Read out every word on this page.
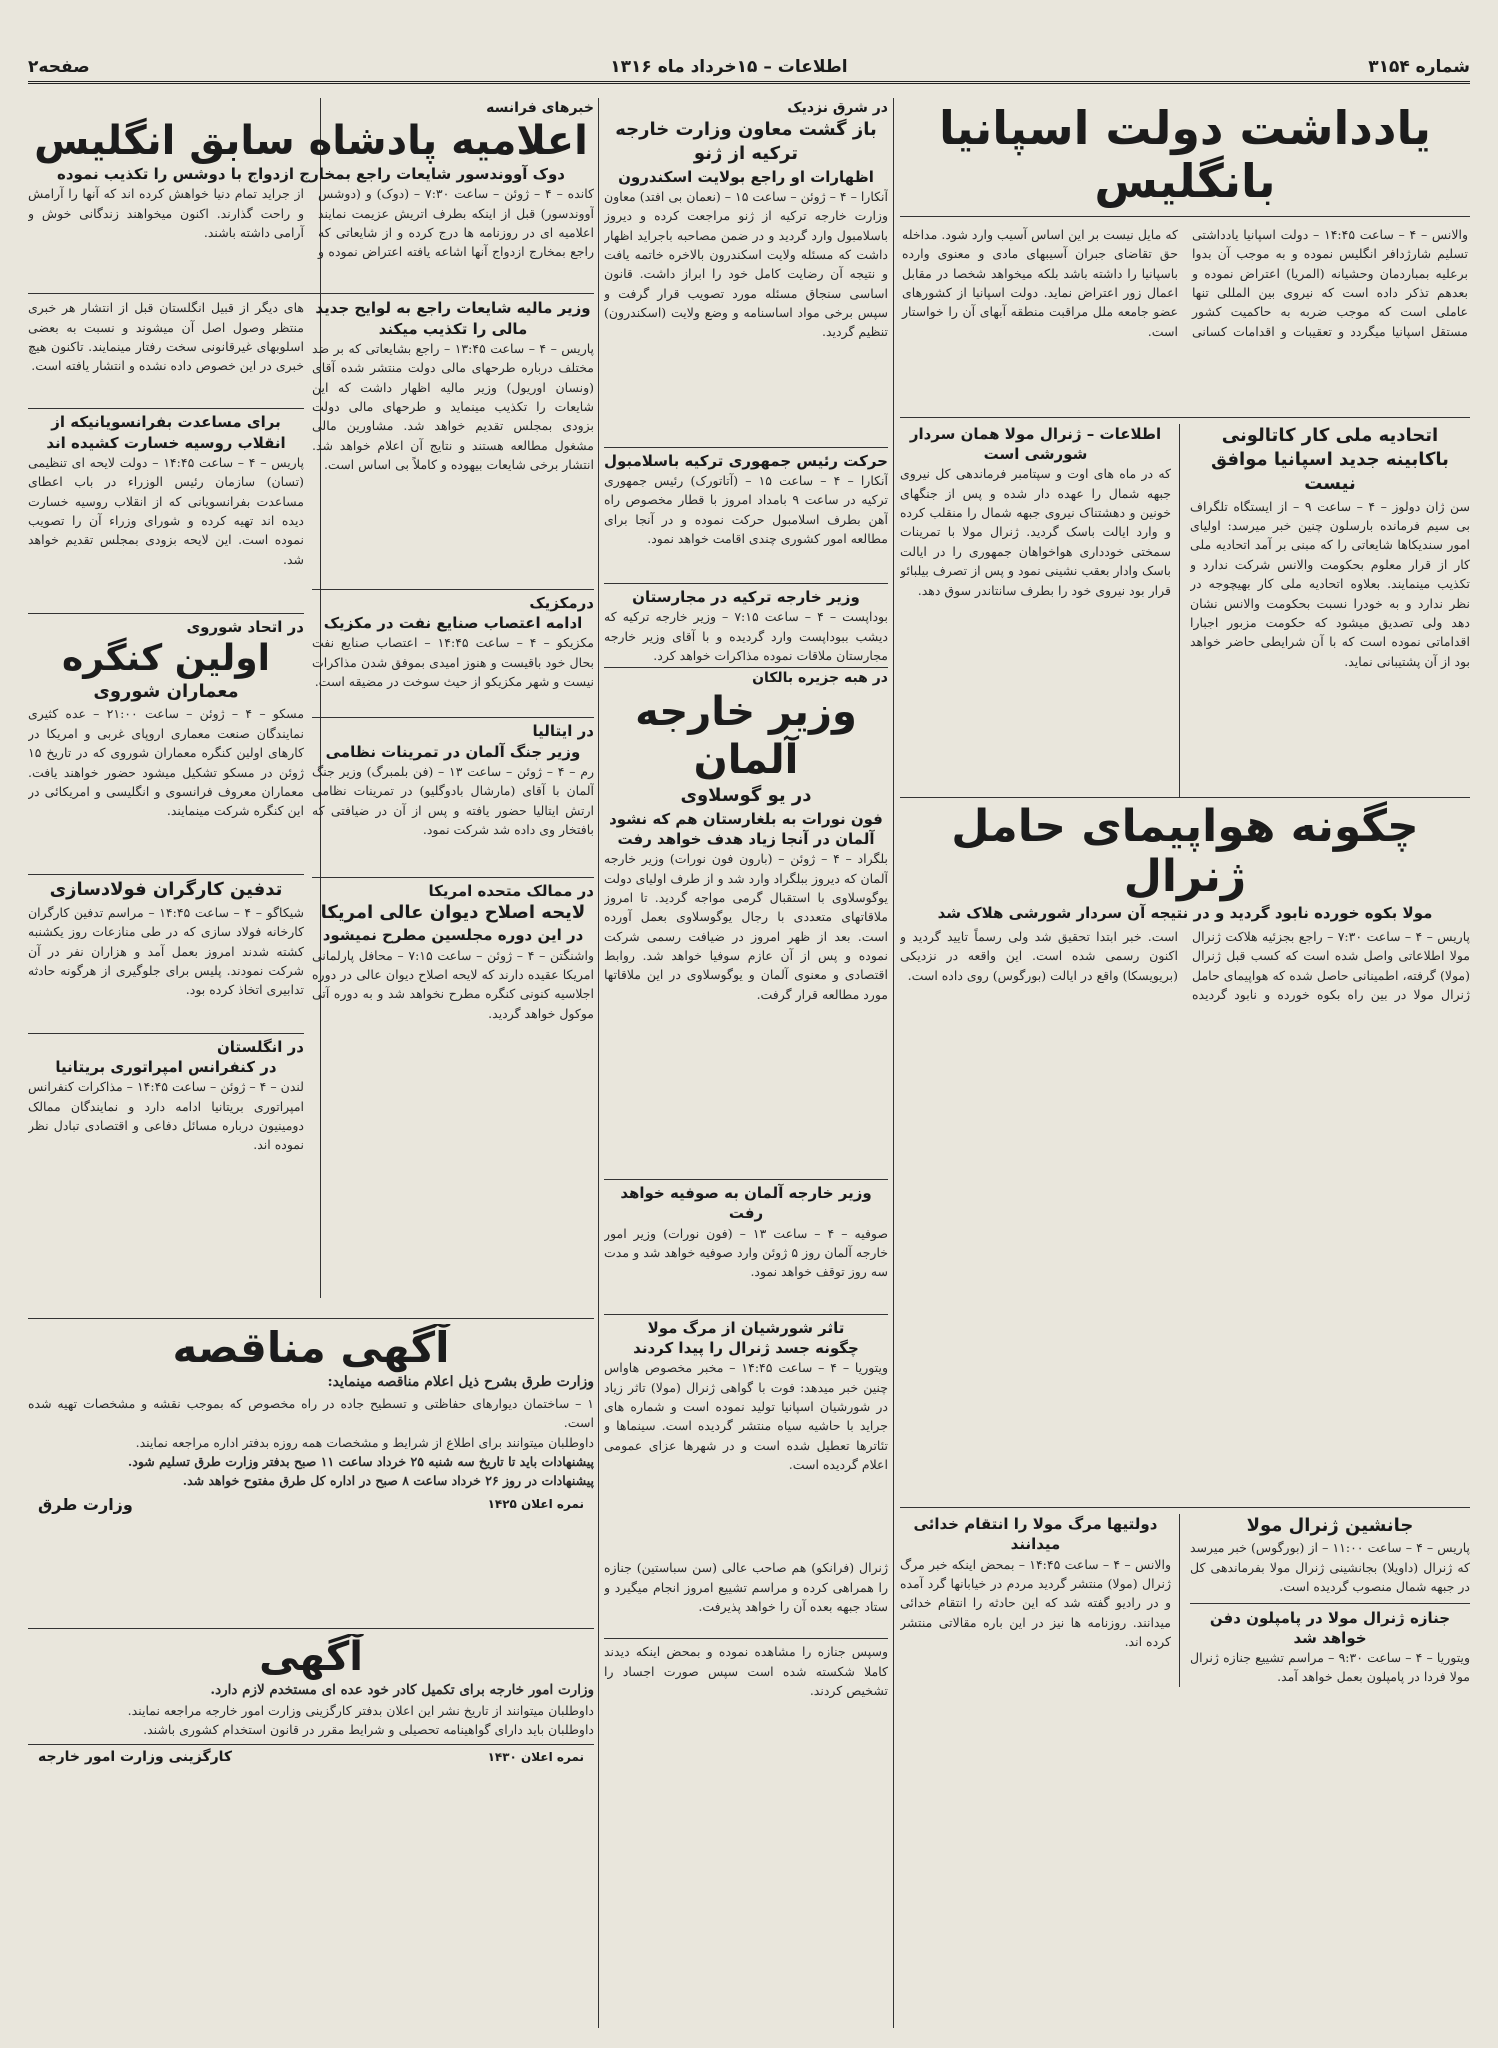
شماره ۳۱۵۴
اطلاعات – ۱۵خرداد ماه ۱۳۱۶
صفحه۲
یادداشت دولت اسپانیا بانگلیس
والانس – ۴ – ساعت ۱۴:۴۵ – دولت اسپانیا یادداشتی تسلیم شارژدافر انگلیس نموده و به موجب آن بدوا برعلیه بمباردمان وحشیانه (المریا) اعتراض نموده و بعدهم تذکر داده است که نیروی بین المللی تنها عاملی است که موجب ضربه به حاکمیت کشور مستقل اسپانیا میگردد و تعقیبات و اقدامات کسانی که مایل نیست بر این اساس آسیب وارد شود. مداخله حق تقاضای جبران آسیبهای مادی و معنوی وارده باسپانیا را داشته باشد بلکه میخواهد شخصا در مقابل اعمال زور اعتراض نماید. دولت اسپانیا از کشورهای عضو جامعه ملل مراقبت منطقه آبهای آن را خواستار است.
اتحادیه ملی کار کاتالونی باکابینه جدید اسپانیا موافق نیست
سن ژان دولوز – ۴ – ساعت ۹ – از ایستگاه تلگراف بی سیم فرمانده بارسلون چنین خبر میرسد: اولیای امور سندیکاها شایعاتی را که مبنی بر آمد اتحادیه ملی کار از قرار معلوم بحکومت والانس شرکت ندارد و تکذیب مینمایند. بعلاوه اتحادیه ملی کار بهیچوجه در نظر ندارد و به خودرا نسبت بحکومت والانس نشان دهد ولی تصدیق میشود که حکومت مزبور اجبارا اقداماتی نموده است که با آن شرایطی حاضر خواهد بود از آن پشتیبانی نماید.
اطلاعات – ژنرال مولا همان سردار شورشی است
که در ماه های اوت و سپتامبر فرماندهی کل نیروی جبهه شمال را عهده دار شده و پس از جنگهای خونین و دهشتناک نیروی جبهه شمال را منقلب کرده و وارد ایالت باسک گردید. ژنرال مولا با تمرینات سمختی خودداری هواخواهان جمهوری را در ایالت باسک وادار بعقب نشینی نمود و پس از تصرف بیلبائو قرار بود نیروی خود را بطرف سانتاندر سوق دهد.
چگونه هواپیمای حامل ژنرال
مولا بکوه خورده نابود گردید و در نتیجه آن سردار شورشی هلاک شد
پاریس – ۴ – ساعت ۷:۳۰ – راجع بجزئیه هلاکت ژنرال مولا اطلاعاتی واصل شده است که کسب قبل ژنرال (مولا) گرفته، اطمینانی حاصل شده که هواپیمای حامل ژنرال مولا در بین راه بکوه خورده و نابود گردیده است. خبر ابتدا تحقیق شد ولی رسماً تایید گردید و اکنون رسمی شده است. این واقعه در نزدیکی (بریویسکا) واقع در ایالت (بورگوس) روی داده است.
جانشین ژنرال مولا
پاریس – ۴ – ساعت ۱۱:۰۰ – از (بورگوس) خبر میرسد که ژنرال (داویلا) بجانشینی ژنرال مولا بفرماندهی کل در جبهه شمال منصوب گردیده است.
جنازه ژنرال مولا در پامپلون دفن خواهد شد
ویتوریا – ۴ – ساعت ۹:۳۰ – مراسم تشییع جنازه ژنرال مولا فردا در پامپلون بعمل خواهد آمد.
دولتیها مرگ مولا را انتقام خدائی میدانند
والانس – ۴ – ساعت ۱۴:۴۵ – بمحض اینکه خبر مرگ ژنرال (مولا) منتشر گردید مردم در خیابانها گرد آمده و در رادیو گفته شد که این حادثه را انتقام خدائی میدانند. روزنامه ها نیز در این باره مقالاتی منتشر کرده اند.
در شرق نزدیک
باز گشت معاون وزارت خارجه
ترکیه از ژنو
اظهارات او راجع بولایت اسکندرون
آنکارا – ۴ – ژوئن – ساعت ۱۵ – (نعمان بی افتد) معاون وزارت خارجه ترکیه از ژنو مراجعت کرده و دیروز باسلامبول وارد گردید و در ضمن مصاحبه باجراید اظهار داشت که مسئله ولایت اسکندرون بالاخره خاتمه یافت و نتیجه آن رضایت کامل خود را ابراز داشت. قانون اساسی سنجاق مسئله مورد تصویب قرار گرفت و سپس برخی مواد اساسنامه و وضع ولایت (اسکندرون) تنظیم گردید.
حرکت رئیس جمهوری ترکیه باسلامبول
آنکارا – ۴ – ساعت ۱۵ – (آتاتورک) رئیس جمهوری ترکیه در ساعت ۹ بامداد امروز با قطار مخصوص راه آهن بطرف اسلامبول حرکت نموده و در آنجا برای مطالعه امور کشوری چندی اقامت خواهد نمود.
وزیر خارجه ترکیه در مجارستان
بوداپست – ۴ – ساعت ۷:۱۵ – وزیر خارجه ترکیه که دیشب ببوداپست وارد گردیده و با آقای وزیر خارجه مجارستان ملاقات نموده مذاکرات خواهد کرد.
در هبه جزیره بالکان
وزیر خارجه آلمان
در یو گوسلاوی
فون نورات به بلغارستان هم که نشود آلمان در آنجا زیاد هدف خواهد رفت
بلگراد – ۴ – ژوئن – (بارون فون نورات) وزیر خارجه آلمان که دیروز ببلگراد وارد شد و از طرف اولیای دولت یوگوسلاوی با استقبال گرمی مواجه گردید. تا امروز ملاقاتهای متعددی با رجال یوگوسلاوی بعمل آورده است. بعد از ظهر امروز در ضیافت رسمی شرکت نموده و پس از آن عازم سوفیا خواهد شد. روابط اقتصادی و معنوی آلمان و یوگوسلاوی در این ملاقاتها مورد مطالعه قرار گرفت.
وزیر خارجه آلمان به صوفیه خواهد رفت
صوفیه – ۴ – ساعت ۱۳ – (فون نورات) وزیر امور خارجه آلمان روز ۵ ژوئن وارد صوفیه خواهد شد و مدت سه روز توقف خواهد نمود.
تاثر شورشیان از مرگ مولا
چگونه جسد ژنرال را پیدا کردند
ویتوریا – ۴ – ساعت ۱۴:۴۵ – مخبر مخصوص هاواس چنین خبر میدهد: فوت با گواهی ژنرال (مولا) تاثر زیاد در شورشیان اسپانیا تولید نموده است و شماره های جراید با حاشیه سیاه منتشر گردیده است. سینماها و تئاترها تعطیل شده است و در شهرها عزای عمومی اعلام گردیده است.
ژنرال (فرانکو) هم صاحب عالی (سن سباستین) جنازه را همراهی کرده و مراسم تشییع امروز انجام میگیرد و ستاد جبهه بعده آن را خواهد پذیرفت.
وسپس جنازه را مشاهده نموده و بمحض اینکه دیدند کاملا شکسته شده است سپس صورت اجساد را تشخیص کردند.
خبرهای فرانسه
اعلامیه پادشاه سابق انگلیس
دوک آووندسور شایعات راجع بمخارج ازدواج با دوشس را تکذیب نموده
کانده – ۴ – ژوئن – ساعت ۷:۳۰ – (دوک) و (دوشس آووندسور) قبل از اینکه بطرف اتریش عزیمت نمایند اعلامیه ای در روزنامه ها درج کرده و از شایعاتی که راجع بمخارج ازدواج آنها اشاعه یافته اعتراض نموده و از جراید تمام دنیا خواهش کرده اند که آنها را آرامش و راحت گذارند. اکنون میخواهند زندگانی خوش و آرامی داشته باشند.
وزیر مالیه شایعات راجع به لوایح جدید مالی را تکذیب میکند
پاریس – ۴ – ساعت ۱۳:۴۵ – راجع بشایعاتی که بر ضد مختلف درباره طرحهای مالی دولت منتشر شده آقای (ونسان اوریول) وزیر مالیه اظهار داشت که این شایعات را تکذیب مینماید و طرحهای مالی دولت بزودی بمجلس تقدیم خواهد شد. مشاورین مالی مشغول مطالعه هستند و نتایج آن اعلام خواهد شد. انتشار برخی شایعات بیهوده و کاملاً بی اساس است.
درمکزیک
ادامه اعتصاب صنایع نفت در مکزیک
مکزیکو – ۴ – ساعت ۱۴:۴۵ – اعتصاب صنایع نفت بحال خود باقیست و هنوز امیدی بموفق شدن مذاکرات نیست و شهر مکزیکو از حیث سوخت در مضیقه است.
در ایتالیا
وزیر جنگ آلمان در تمرینات نظامی
رم – ۴ – ژوئن – ساعت ۱۳ – (فن بلمبرگ) وزیر جنگ آلمان با آقای (مارشال بادوگلیو) در تمرینات نظامی ارتش ایتالیا حضور یافته و پس از آن در ضیافتی که بافتخار وی داده شد شرکت نمود.
در ممالک متحده امریکا
لایحه اصلاح دیوان عالی امریکا
در این دوره مجلسین مطرح نمیشود
واشنگتن – ۴ – ژوئن – ساعت ۷:۱۵ – محافل پارلمانی امریکا عقیده دارند که لایحه اصلاح دیوان عالی در دوره اجلاسیه کنونی کنگره مطرح نخواهد شد و به دوره آتی موکول خواهد گردید.
های دیگر از قبیل انگلستان قبل از انتشار هر خبری منتظر وصول اصل آن میشوند و نسبت به بعضی اسلوبهای غیرقانونی سخت رفتار مینمایند. تاکنون هیچ خبری در این خصوص داده نشده و انتشار یافته است.
برای مساعدت بفرانسویانیکه از انقلاب روسیه خسارت کشیده اند
پاریس – ۴ – ساعت ۱۴:۴۵ – دولت لایحه ای تنظیمی (تسان) سازمان رئیس الوزراء در باب اعطای مساعدت بفرانسویانی که از انقلاب روسیه خسارت دیده اند تهیه کرده و شورای وزراء آن را تصویب نموده است. این لایحه بزودی بمجلس تقدیم خواهد شد.
در اتحاد شوروی
اولین کنگره
معماران شوروی
مسکو – ۴ – ژوئن – ساعت ۲۱:۰۰ – عده کثیری نمایندگان صنعت معماری اروپای غربی و امریکا در کارهای اولین کنگره معماران شوروی که در تاریخ ۱۵ ژوئن در مسکو تشکیل میشود حضور خواهند یافت. معماران معروف فرانسوی و انگلیسی و امریکائی در این کنگره شرکت مینمایند.
تدفین کارگران فولادسازی
شیکاگو – ۴ – ساعت ۱۴:۴۵ – مراسم تدفین کارگران کارخانه فولاد سازی که در طی منازعات روز یکشنبه کشته شدند امروز بعمل آمد و هزاران نفر در آن شرکت نمودند. پلیس برای جلوگیری از هرگونه حادثه تدابیری اتخاذ کرده بود.
در انگلستان
در کنفرانس امپراتوری بریتانیا
لندن – ۴ – ژوئن – ساعت ۱۴:۴۵ – مذاکرات کنفرانس امپراتوری بریتانیا ادامه دارد و نمایندگان ممالک دومینیون درباره مسائل دفاعی و اقتصادی تبادل نظر نموده اند.
آگهی مناقصه
وزارت طرق بشرح ذیل اعلام مناقصه مینماید:
۱ – ساختمان دیوارهای حفاظتی و تسطیح جاده در راه مخصوص که بموجب نقشه و مشخصات تهیه شده است.
داوطلبان میتوانند برای اطلاع از شرایط و مشخصات همه روزه بدفتر اداره مراجعه نمایند.
پیشنهادات باید تا تاریخ سه شنبه ۲۵ خرداد ساعت ۱۱ صبح بدفتر وزارت طرق تسلیم شود.
پیشنهادات در روز ۲۶ خرداد ساعت ۸ صبح در اداره کل طرق مفتوح خواهد شد.
نمره اعلان ۱۴۲۵
وزارت طرق
آگهی
وزارت امور خارجه برای تکمیل کادر خود عده ای مستخدم لازم دارد.
داوطلبان میتوانند از تاریخ نشر این اعلان بدفتر کارگزینی وزارت امور خارجه مراجعه نمایند.
داوطلبان باید دارای گواهینامه تحصیلی و شرایط مقرر در قانون استخدام کشوری باشند.
نمره اعلان ۱۴۳۰
کارگزینی وزارت امور خارجه
